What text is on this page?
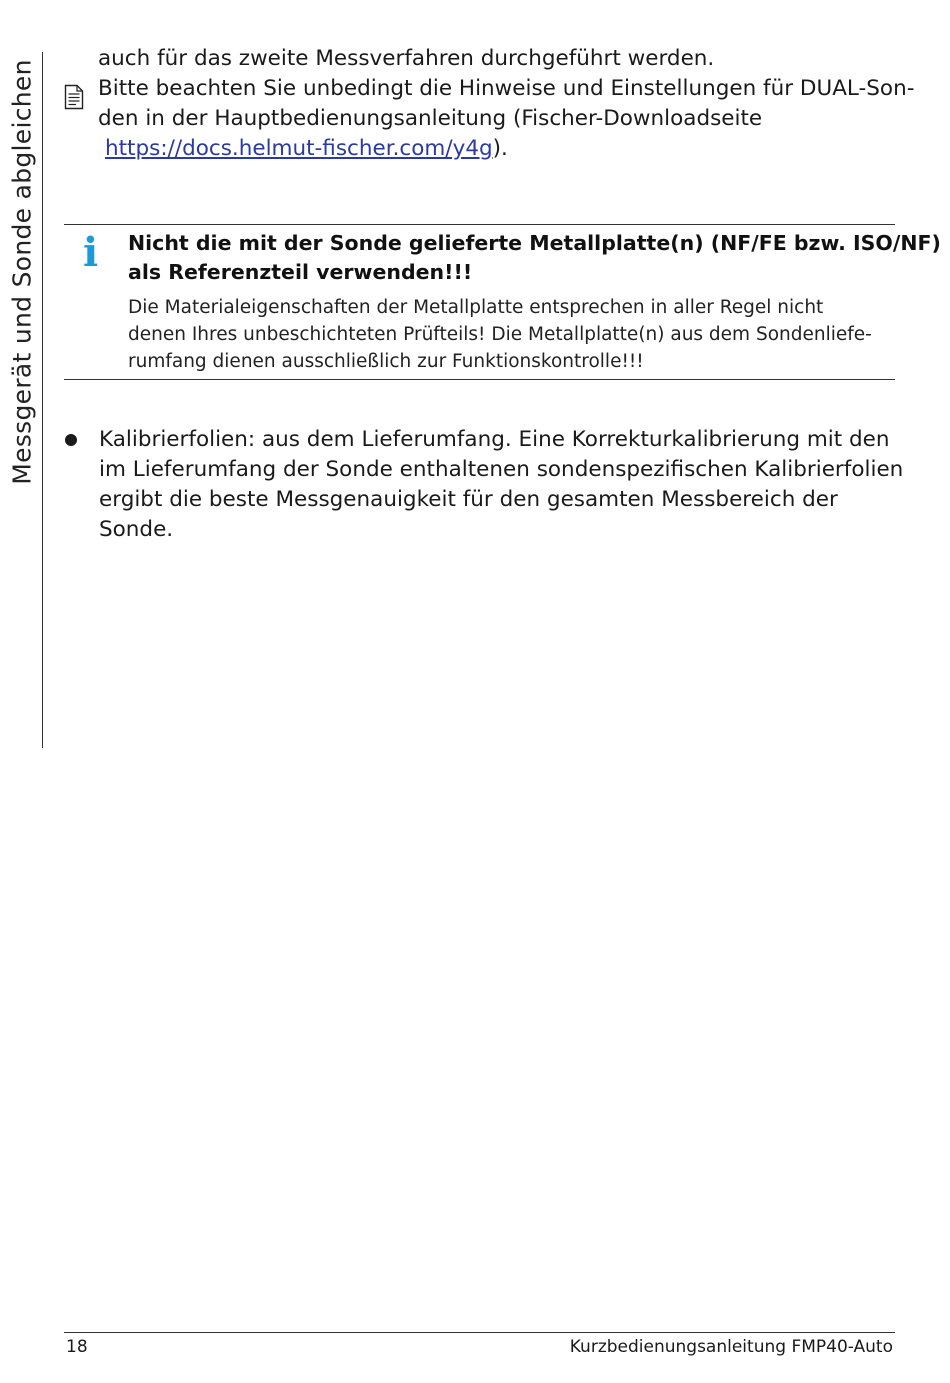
Messgerät und Sonde abgleichen
auch für das zweite Messverfahren durchgeführt werden.
Bitte beachten Sie unbedingt die Hinweise und Einstellungen für DUAL-Son-
den in der Hauptbedienungsanleitung (Fischer-Downloadseite
https://docs.helmut-fischer.com/y4g).
i Nicht die mit der Sonde gelieferte Metallplatte(n) (NF/FE bzw. ISO/NF)
als Referenzteil verwenden!!!
Die Materialeigenschaften der Metallplatte entsprechen in aller Regel nicht
denen Ihres unbeschichteten Prüfteils! Die Metallplatte(n) aus dem Sondenliefe-
rumfang dienen ausschließlich zur Funktionskontrolle!!!
Kalibrierfolien: aus dem Lieferumfang. Eine Korrekturkalibrierung mit den
im Lieferumfang der Sonde enthaltenen sondenspezifischen Kalibrierfolien
ergibt die beste Messgenauigkeit für den gesamten Messbereich der
Sonde.
18	Kurzbedienungsanleitung FMP40-Auto
